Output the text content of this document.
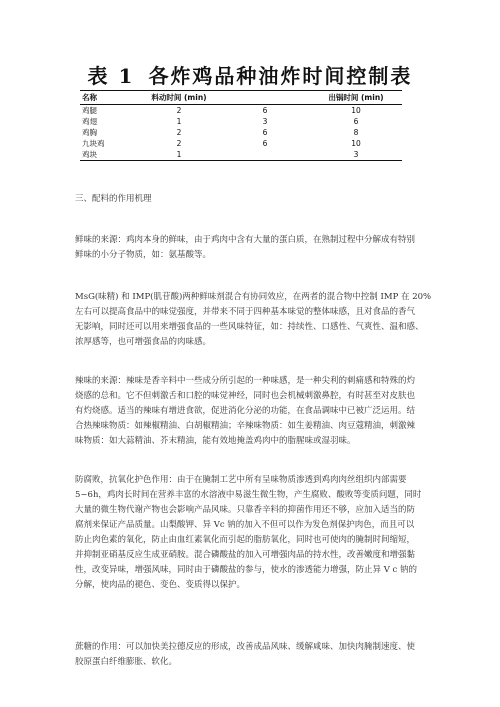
表 1 各炸鸡品种油炸时间控制表
名称	料动时间 (min)		出锅时间 (min)
鸡腿	2	6	10
鸡翅	1	3	6
鸡胸	2	6	8
九块鸡	2	6	10
鸡块	1		3
三、配料的作用机理
鲜味的来源：鸡肉本身的鲜味，由于鸡肉中含有大量的蛋白质，在熟制过程中分解成有特别
鲜味的小分子物质，如：氨基酸等。
MsG(味精) 和 IMP(肌苷酸)两种鲜味剂混合有协同效应，在两者的混合物中控制 IMP 在 20%
左右可以提高食品中的味觉强度，并带来不同于四种基本味觉的整体味感，且对食品的香气
无影响，同时还可以用来增强食品的一些风味特征，如：持续性、口感性、气爽性、温和感、
浓厚感等，也可增强食品的肉味感。
辣味的来源：辣味是香辛料中一些成分所引起的一种味感，是一种尖利的刺痛感和特殊的灼
烧感的总和。它不但刺激舌和口腔的味觉神经，同时也会机械刺激鼻腔，有时甚至对皮肤也
有灼烧感。适当的辣味有增进食欲，促进消化分泌的功能，在食品调味中已被广泛运用。结
合热辣味物质：如辣椒精油、白胡椒精油；辛辣味物质：如生姜精油、肉豆蔻精油，刺激辣
味物质：如大蒜精油、芥末精油，能有效地掩盖鸡肉中的脂腥味或湿羽味。
防腐败，抗氧化护色作用：由于在腌制工艺中所有呈味物质渗透到鸡肉肉丝组织内部需要
5~6h，鸡肉长时间在营养丰富的水溶液中易滋生微生物，产生腐败、酸败等变质问题，同时
大量的微生物代谢产物也会影响产品风味。只靠香辛料的抑菌作用还不够，应加入适当的防
腐剂来保证产品质量。山梨酸钾、异 Vc 钠的加入不但可以作为发色剂保护肉色，而且可以
防止肉色素的氧化，防止由血红素氧化而引起的脂肪氧化，同时也可使肉的腌制时间缩短，
并抑制亚硝基反应生成亚硝胺。混合磷酸盐的加入可增强肉品的持水性，改善嫩度和增强黏
性，改变异味，增强风味，同时由于磷酸盐的参与，使水的渗透能力增强，防止异 V c 钠的
分解，使肉品的褪色、变色、变质得以保护。
蔗糖的作用：可以加快美拉德反应的形成，改善成品风味、缓解咸味、加快肉腌制速度、使
胶原蛋白纤维膨胀、软化。
